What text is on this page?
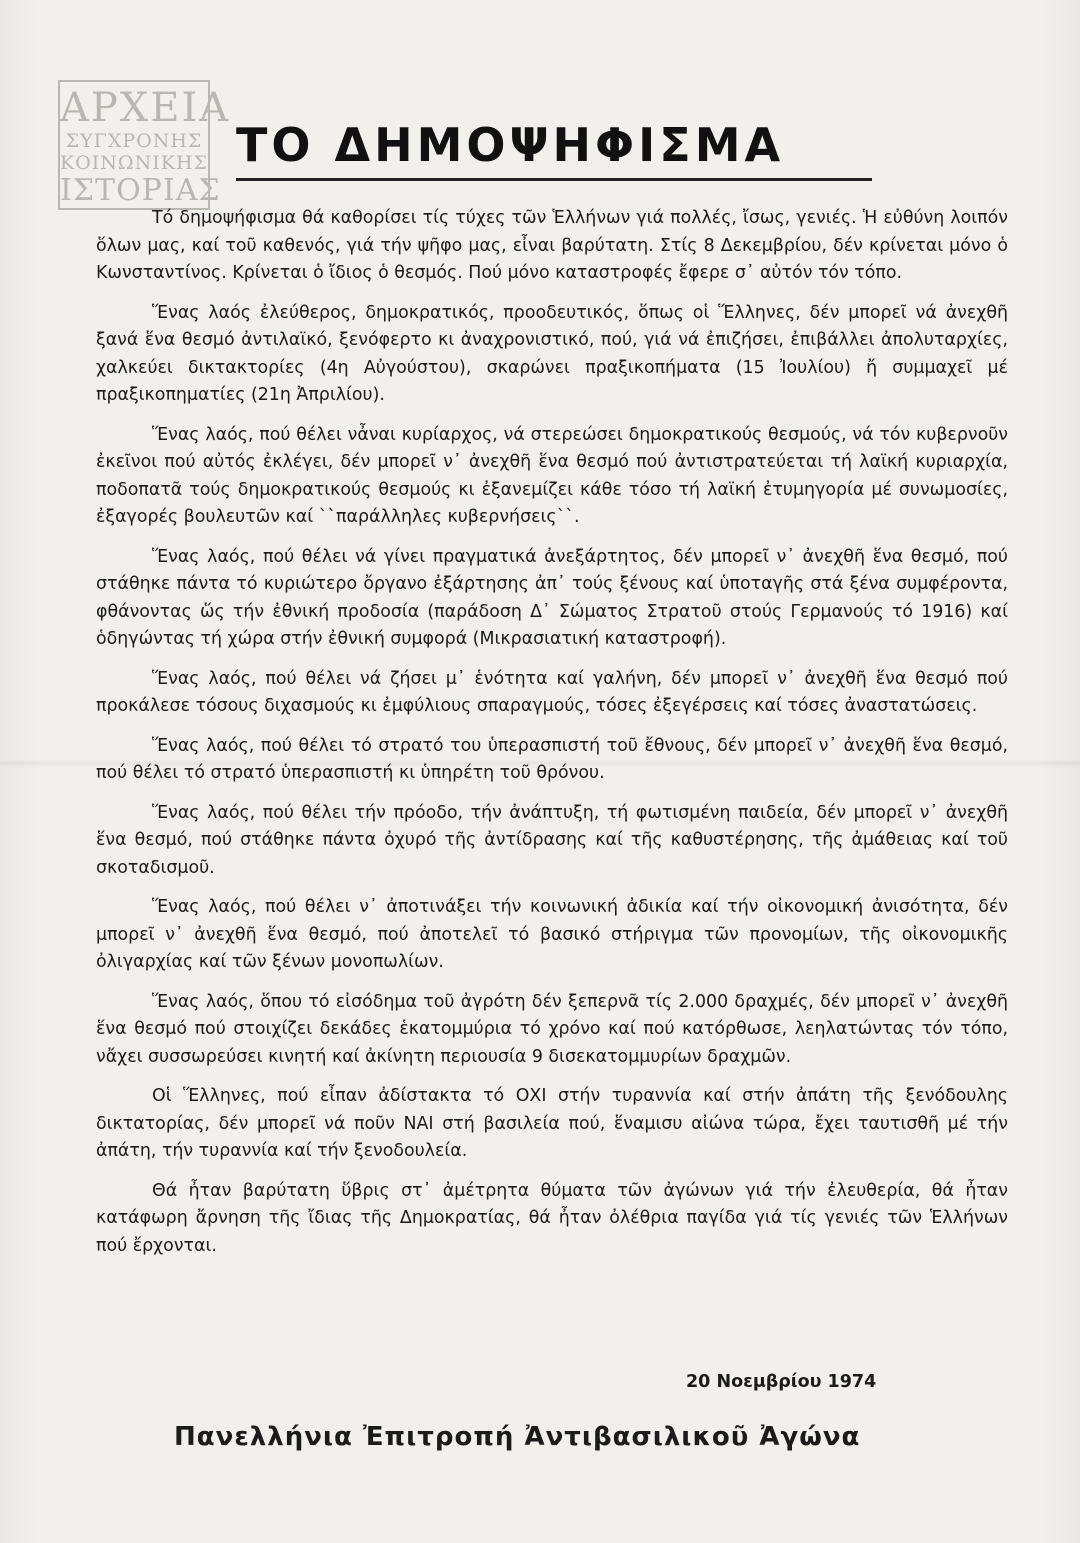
ΑΡΧΕΙΑ
ΣΥΓΧΡΟΝΗΣ
ΚΟΙΝΩΝΙΚΗΣ
ΙΣΤΟΡΙΑΣ
ΤΟ ΔΗΜΟΨΗΦΙΣΜΑ

Τό δημοψήφισμα θά καθορίσει τίς τύχες τῶν Ἑλλήνων γιά πολλές, ἴσως, γενιές. Ἡ εὐθύνη λοιπόν ὅλων μας, καί τοῦ καθενός, γιά τήν ψῆφο μας, εἶναι βαρύτατη. Στίς 8 Δεκεμβρίου, δέν κρίνεται μόνο ὁ Κωνσταντίνος. Κρίνεται ὁ ἴδιος ὁ θεσμός. Πού μόνο καταστροφές ἔφερε σ᾽ αὐτόν τόν τόπο.

Ἕνας λαός ἐλεύθερος, δημοκρατικός, προοδευτικός, ὅπως οἱ Ἕλληνες, δέν μπορεῖ νά ἀνεχθῆ ξανά ἕνα θεσμό ἀντιλαϊκό, ξενόφερτο κι ἀναχρονιστικό, πού, γιά νά ἐπιζήσει, ἐπιβάλλει ἀπολυταρχίες, χαλκεύει δικτακτορίες (4η Αὐγούστου), σκαρώνει πραξικοπήματα (15 Ἰουλίου) ἤ συμμαχεῖ μέ πραξικοπηματίες (21η Ἀπριλίου).

Ἕνας λαός, πού θέλει νἆναι κυρίαρχος, νά στερεώσει δημοκρατικούς θεσμούς, νά τόν κυβερνοῦν ἐκεῖνοι πού αὐτός ἐκλέγει, δέν μπορεῖ ν᾽ ἀνεχθῆ ἕνα θεσμό πού ἀντιστρατεύεται τή λαϊκή κυριαρχία, ποδοπατᾶ τούς δημοκρατικούς θεσμούς κι ἐξανεμίζει κάθε τόσο τή λαϊκή ἐτυμηγορία μέ συνωμοσίες, ἐξαγορές βουλευτῶν καί ``παράλληλες κυβερνήσεις``.

Ἕνας λαός, πού θέλει νά γίνει πραγματικά ἀνεξάρτητος, δέν μπορεῖ ν᾽ ἀνεχθῆ ἕνα θεσμό, πού στάθηκε πάντα τό κυριώτερο ὄργανο ἐξάρτησης ἀπ᾽ τούς ξένους καί ὑποταγῆς στά ξένα συμφέροντα, φθάνοντας ὥς τήν ἐθνική προδοσία (παράδοση Δ᾽ Σώματος Στρατοῦ στούς Γερμανούς τό 1916) καί ὁδηγώντας τή χώρα στήν ἐθνική συμφορά (Μικρασιατική καταστροφή).

Ἕνας λαός, πού θέλει νά ζήσει μ᾽ ἑνότητα καί γαλήνη, δέν μπορεῖ ν᾽ ἀνεχθῆ ἕνα θεσμό πού προκάλεσε τόσους διχασμούς κι ἐμφύλιους σπαραγμούς, τόσες ἐξεγέρσεις καί τόσες ἀναστατώσεις.

Ἕνας λαός, πού θέλει τό στρατό του ὑπερασπιστή τοῦ ἔθνους, δέν μπορεῖ ν᾽ ἀνεχθῆ ἕνα θεσμό, πού θέλει τό στρατό ὑπερασπιστή κι ὑπηρέτη τοῦ θρόνου.

Ἕνας λαός, πού θέλει τήν πρόοδο, τήν ἀνάπτυξη, τή φωτισμένη παιδεία, δέν μπορεῖ ν᾽ ἀνεχθῆ ἕνα θεσμό, πού στάθηκε πάντα ὀχυρό τῆς ἀντίδρασης καί τῆς καθυστέρησης, τῆς ἀμάθειας καί τοῦ σκοταδισμοῦ.

Ἕνας λαός, πού θέλει ν᾽ ἀποτινάξει τήν κοινωνική ἀδικία καί τήν οἰκονομική ἀνισότητα, δέν μπορεῖ ν᾽ ἀνεχθῆ ἕνα θεσμό, πού ἀποτελεῖ τό βασικό στήριγμα τῶν προνομίων, τῆς οἰκονομικῆς ὀλιγαρχίας καί τῶν ξένων μονοπωλίων.

Ἕνας λαός, ὅπου τό εἰσόδημα τοῦ ἀγρότη δέν ξεπερνᾶ τίς 2.000 δραχμές, δέν μπορεῖ ν᾽ ἀνεχθῆ ἕνα θεσμό πού στοιχίζει δεκάδες ἑκατομμύρια τό χρόνο καί πού κατόρθωσε, λεηλατώντας τόν τόπο, νἄχει συσσωρεύσει κινητή καί ἀκίνητη περιουσία 9 δισεκατομμυρίων δραχμῶν.

Οἱ Ἕλληνες, πού εἶπαν ἀδίστακτα τό ΟΧΙ στήν τυραννία καί στήν ἀπάτη τῆς ξενόδουλης δικτατορίας, δέν μπορεῖ νά ποῦν ΝΑΙ στή βασιλεία πού, ἕναμισυ αἰώνα τώρα, ἔχει ταυτισθῆ μέ τήν ἀπάτη, τήν τυραννία καί τήν ξενοδουλεία.

Θά ἦταν βαρύτατη ὕβρις στ᾽ ἀμέτρητα θύματα τῶν ἀγώνων γιά τήν ἐλευθερία, θά ἦταν κατάφωρη ἄρνηση τῆς ἴδιας τῆς Δημοκρατίας, θά ἦταν ὀλέθρια παγίδα γιά τίς γενιές τῶν Ἑλλήνων πού ἔρχονται.

20 Νοεμβρίου 1974
Πανελλήνια Ἐπιτροπή Ἀντιβασιλικοῦ Ἀγώνα
